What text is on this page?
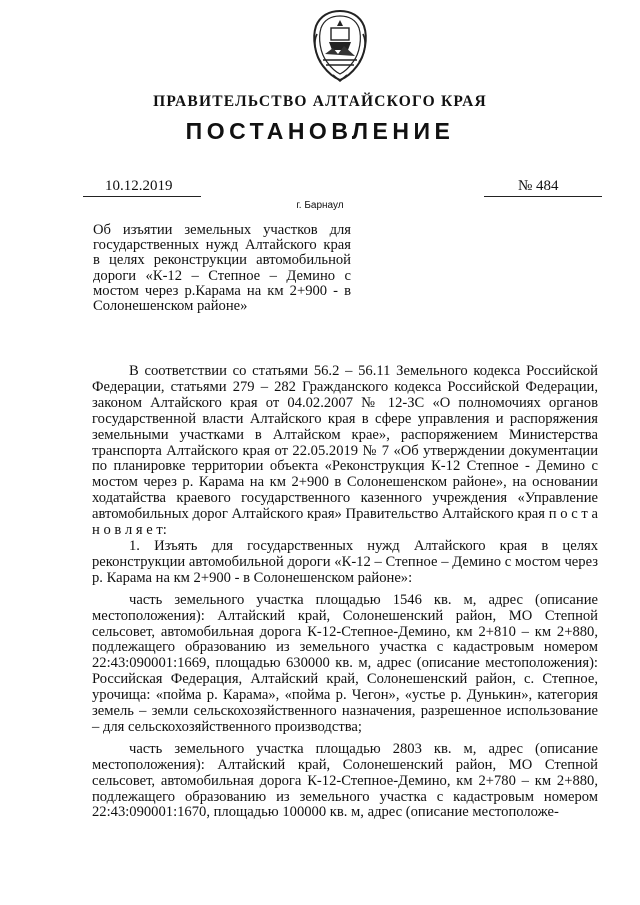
ПРАВИТЕЛЬСТВО АЛТАЙСКОГО КРАЯ
ПОСТАНОВЛЕНИЕ
10.12.2019	№ 484
г. Барнаул
Об изъятии земельных участков для государственных нужд Алтайского края в целях реконструкции автомобильной дороги «К-12 – Степное – Демино с мостом через р.Карама на км 2+900 - в Солонешенском районе»

В соответствии со статьями 56.2 – 56.11 Земельного кодекса Российской Федерации, статьями 279 – 282 Гражданского кодекса Российской Федерации, законом Алтайского края от 04.02.2007 № 12-ЗС «О полномочиях органов государственной власти Алтайского края в сфере управления и распоряжения земельными участками в Алтайском крае», распоряжением Министерства транспорта Алтайского края от 22.05.2019 № 7 «Об утверждении документации по планировке территории объекта «Реконструкция К-12 Степное - Демино с мостом через р. Карама на км 2+900 в Солонешенском районе», на основании ходатайства краевого государственного казенного учреждения «Управление автомобильных дорог Алтайского края» Правительство Алтайского края п о с т а н о в л я е т:

1. Изъять для государственных нужд Алтайского края в целях реконструкции автомобильной дороги «К-12 – Степное – Демино с мостом через р. Карама на км 2+900 - в Солонешенском районе»:

часть земельного участка площадью 1546 кв. м, адрес (описание местоположения): Алтайский край, Солонешенский район, МО Степной сельсовет, автомобильная дорога К-12-Степное-Демино, км 2+810 – км 2+880, подлежащего образованию из земельного участка с кадастровым номером 22:43:090001:1669, площадью 630000 кв. м, адрес (описание местоположения): Российская Федерация, Алтайский край, Солонешенский район, с. Степное, урочища: «пойма р. Карама», «пойма р. Чегон», «устье р. Дунькин», категория земель – земли сельскохозяйственного назначения, разрешенное использование – для сельскохозяйственного производства;

часть земельного участка площадью 2803 кв. м, адрес (описание местоположения): Алтайский край, Солонешенский район, МО Степной сельсовет, автомобильная дорога К-12-Степное-Демино, км 2+780 – км 2+880, подлежащего образованию из земельного участка с кадастровым номером 22:43:090001:1670, площадью 100000 кв. м, адрес (описание местоположе-
